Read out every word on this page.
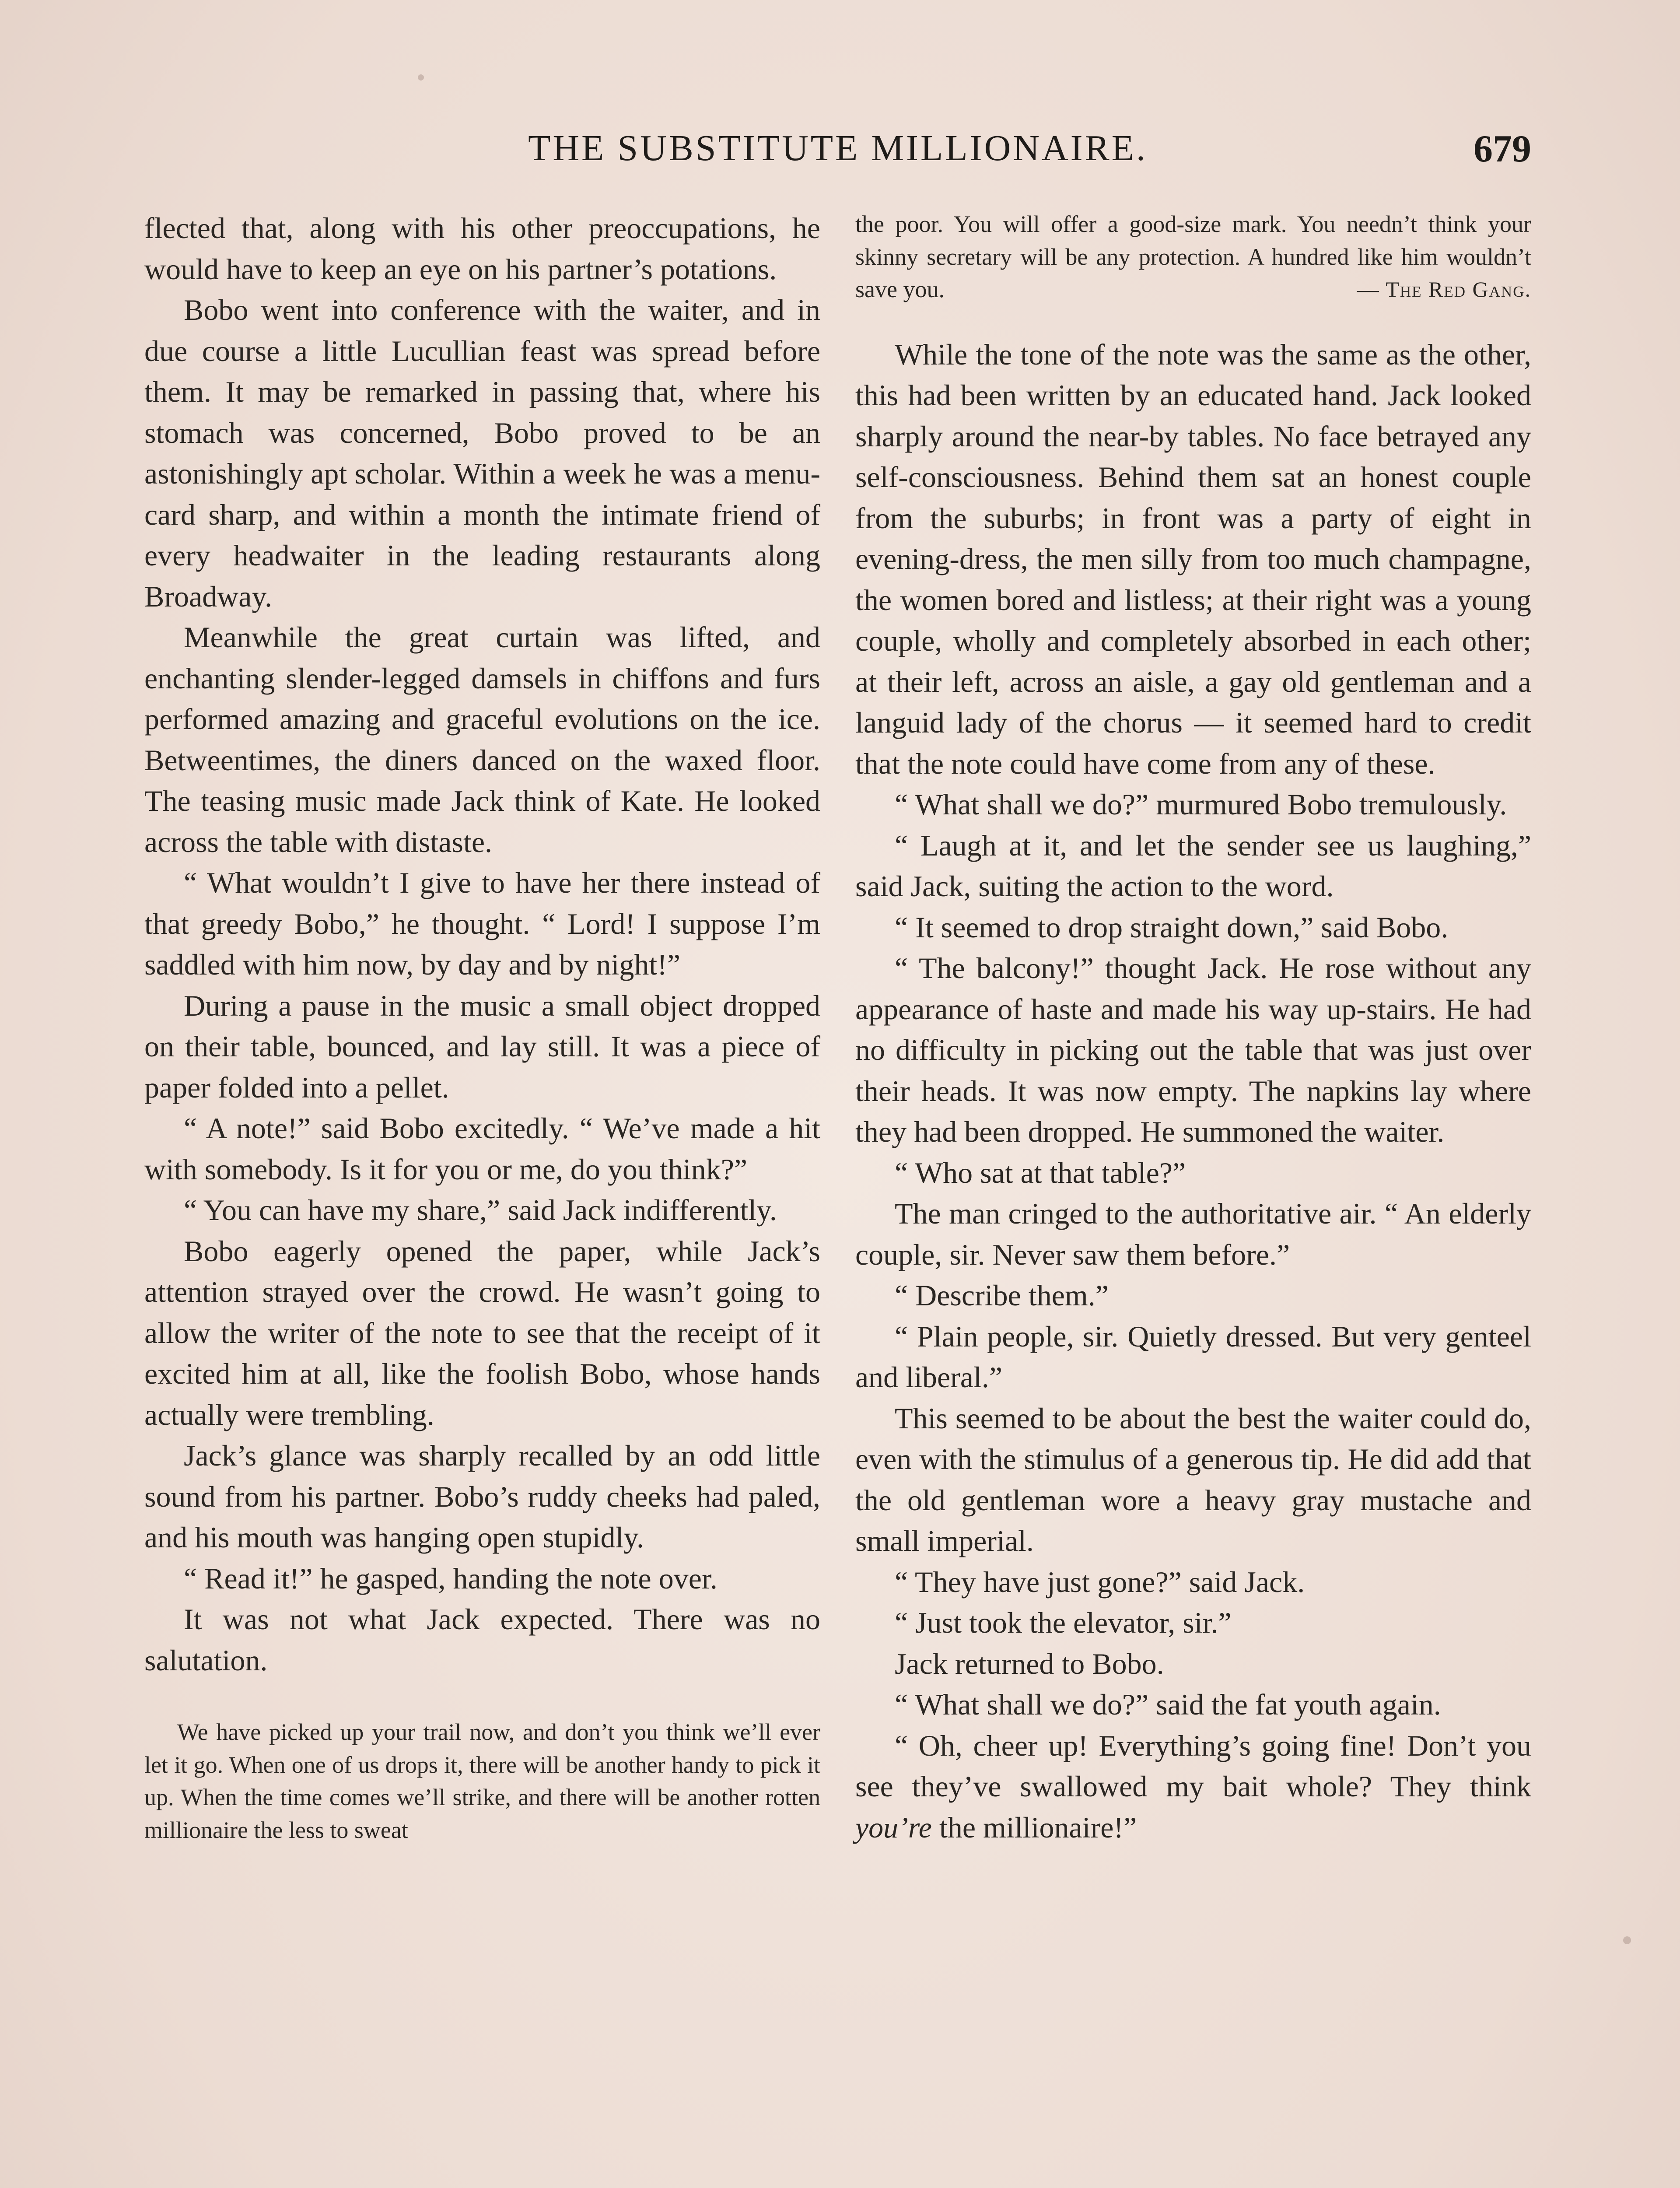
THE SUBSTITUTE MILLIONAIRE.	679

flected that, along with his other preoccupations, he would have to keep an eye on his partner’s potations.

Bobo went into conference with the waiter, and in due course a little Lucullian feast was spread before them. It may be remarked in passing that, where his stomach was concerned, Bobo proved to be an astonishingly apt scholar. Within a week he was a menu-card sharp, and within a month the intimate friend of every headwaiter in the leading restaurants along Broadway.

Meanwhile the great curtain was lifted, and enchanting slender-legged damsels in chiffons and furs performed amazing and graceful evolutions on the ice. Betweentimes, the diners danced on the waxed floor. The teasing music made Jack think of Kate. He looked across the table with distaste.

“ What wouldn’t I give to have her there instead of that greedy Bobo,” he thought. “ Lord! I suppose I’m saddled with him now, by day and by night!”

During a pause in the music a small object dropped on their table, bounced, and lay still. It was a piece of paper folded into a pellet.

“ A note!” said Bobo excitedly. “ We’ve made a hit with somebody. Is it for you or me, do you think?”

“ You can have my share,” said Jack indifferently.

Bobo eagerly opened the paper, while Jack’s attention strayed over the crowd. He wasn’t going to allow the writer of the note to see that the receipt of it excited him at all, like the foolish Bobo, whose hands actually were trembling.

Jack’s glance was sharply recalled by an odd little sound from his partner. Bobo’s ruddy cheeks had paled, and his mouth was hanging open stupidly.

“ Read it!” he gasped, handing the note over.

It was not what Jack expected. There was no salutation.

We have picked up your trail now, and don’t you think we’ll ever let it go. When one of us drops it, there will be another handy to pick it up. When the time comes we’ll strike, and there will be another rotten millionaire the less to sweat

the poor. You will offer a good-size mark. You needn’t think your skinny secretary will be any protection. A hundred like him wouldn’t save you.	— The Red Gang.

While the tone of the note was the same as the other, this had been written by an educated hand. Jack looked sharply around the near-by tables. No face betrayed any self-consciousness. Behind them sat an honest couple from the suburbs; in front was a party of eight in evening-dress, the men silly from too much champagne, the women bored and listless; at their right was a young couple, wholly and completely absorbed in each other; at their left, across an aisle, a gay old gentleman and a languid lady of the chorus — it seemed hard to credit that the note could have come from any of these.

“ What shall we do?” murmured Bobo tremulously.

“ Laugh at it, and let the sender see us laughing,” said Jack, suiting the action to the word.

“ It seemed to drop straight down,” said Bobo.

“ The balcony!” thought Jack. He rose without any appearance of haste and made his way up-stairs. He had no difficulty in picking out the table that was just over their heads. It was now empty. The napkins lay where they had been dropped. He summoned the waiter.

“ Who sat at that table?”

The man cringed to the authoritative air. “ An elderly couple, sir. Never saw them before.”

“ Describe them.”

“ Plain people, sir. Quietly dressed. But very genteel and liberal.”

This seemed to be about the best the waiter could do, even with the stimulus of a generous tip. He did add that the old gentleman wore a heavy gray mustache and small imperial.

“ They have just gone?” said Jack.

“ Just took the elevator, sir.”

Jack returned to Bobo.

“ What shall we do?” said the fat youth again.

“ Oh, cheer up! Everything’s going fine! Don’t you see they’ve swallowed my bait whole? They think you’re the millionaire!”
